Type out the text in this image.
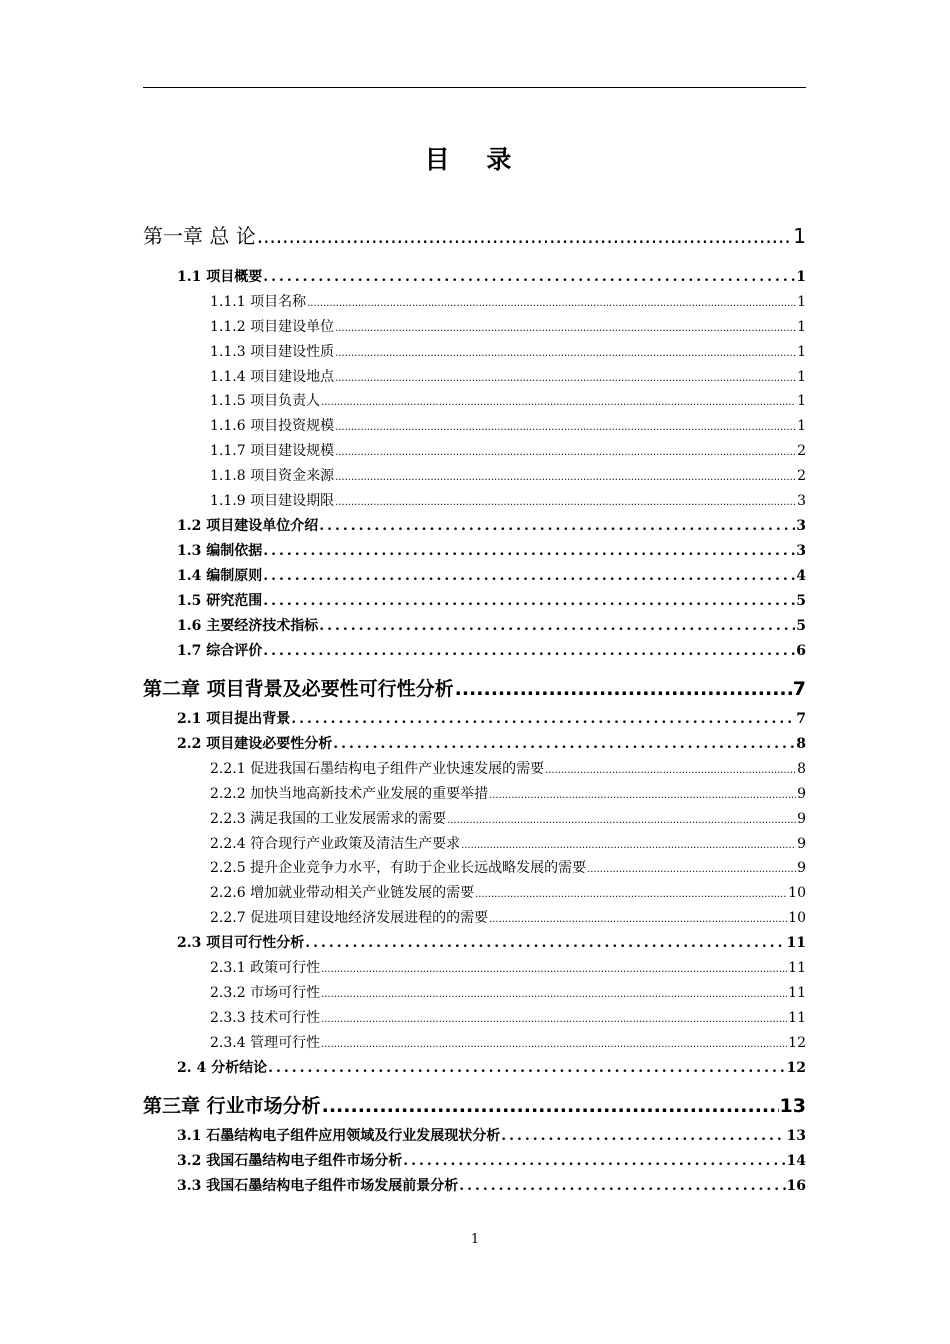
目 录
第一章 总 论 .....	1
1.1 项目概要 .....	1
1.1.1 项目名称 .....	1
1.1.2 项目建设单位 .....	1
1.1.3 项目建设性质 .....	1
1.1.4 项目建设地点 .....	1
1.1.5 项目负责人 .....	1
1.1.6 项目投资规模 .....	1
1.1.7 项目建设规模 .....	2
1.1.8 项目资金来源 .....	2
1.1.9 项目建设期限 .....	3
1.2 项目建设单位介绍 .....	3
1.3 编制依据 .....	3
1.4 编制原则 .....	4
1.5 研究范围 .....	5
1.6 主要经济技术指标 .....	5
1.7 综合评价 .....	6
第二章 项目背景及必要性可行性分析 .....	7
2.1 项目提出背景 .....	7
2.2 项目建设必要性分析 .....	8
2.2.1 促进我国石墨结构电子组件产业快速发展的需要 .....	8
2.2.2 加快当地高新技术产业发展的重要举措 .....	9
2.2.3 满足我国的工业发展需求的需要 .....	9
2.2.4 符合现行产业政策及清洁生产要求 .....	9
2.2.5 提升企业竞争力水平，有助于企业长远战略发展的需要 .....	9
2.2.6 增加就业带动相关产业链发展的需要 .....	10
2.2.7 促进项目建设地经济发展进程的的需要 .....	10
2.3 项目可行性分析 .....	11
2.3.1 政策可行性 .....	11
2.3.2 市场可行性 .....	11
2.3.3 技术可行性 .....	11
2.3.4 管理可行性 .....	12
2. 4 分析结论 .....	12
第三章 行业市场分析 .....	13
3.1 石墨结构电子组件应用领域及行业发展现状分析 .....	13
3.2 我国石墨结构电子组件市场分析 .....	14
3.3 我国石墨结构电子组件市场发展前景分析 .....	16
1
